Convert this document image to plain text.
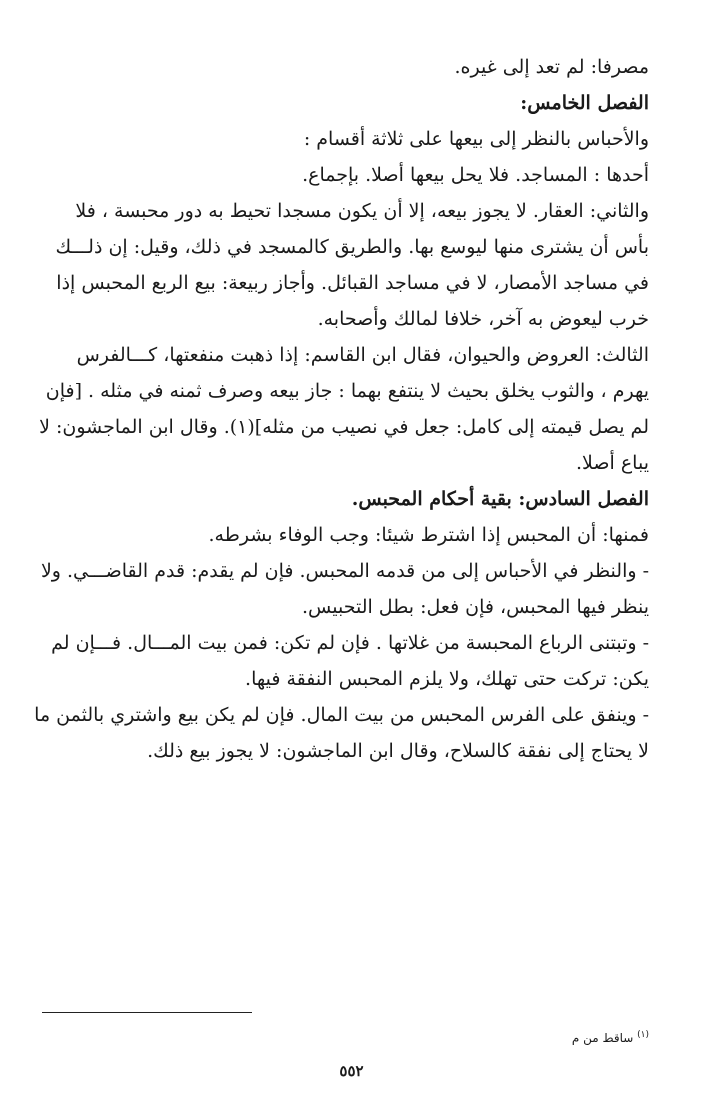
مصرفا: لم تعد إلى غيره.
الفصل الخامس:
والأحباس بالنظر إلى بيعها على ثلاثة أقسام :
أحدها : المساجد. فلا يحل بيعها أصلا. بإجماع.
والثاني: العقار. لا يجوز بيعه، إلا أن يكون مسجدا تحيط به دور محبسة ، فلا
بأس أن يشترى منها ليوسع بها. والطريق كالمسجد في ذلك، وقيل: إن ذلـــك
في مساجد الأمصار، لا في مساجد القبائل. وأجاز ربيعة: بيع الربع المحبس إذا
خرب ليعوض به آخر، خلافا لمالك وأصحابه.
الثالث: العروض والحيوان، فقال ابن القاسم: إذا ذهبت منفعتها، كـــالفرس
يهرم ، والثوب يخلق بحيث لا ينتفع بهما : جاز بيعه وصرف ثمنه في مثله . [فإن
لم يصل قيمته إلى كامل: جعل في نصيب من مثله](١). وقال ابن الماجشون: لا
يباع أصلا.
الفصل السادس: بقية أحكام المحبس.
فمنها: أن المحبس إذا اشترط شيئا: وجب الوفاء بشرطه.
- والنظر في الأحباس إلى من قدمه المحبس. فإن لم يقدم: قدم القاضـــي. ولا
ينظر فيها المحبس، فإن فعل: بطل التحبيس.
- وتبتنى الرباع المحبسة من غلاتها . فإن لم تكن: فمن بيت المـــال. فـــإن لم
يكن: تركت حتى تهلك، ولا يلزم المحبس النفقة فيها.
- وينفق على الفرس المحبس من بيت المال. فإن لم يكن بيع واشتري بالثمن ما
لا يحتاج إلى نفقة كالسلاح، وقال ابن الماجشون: لا يجوز بيع ذلك.
$^{(١)}$ ساقط من م
٥٥٢
